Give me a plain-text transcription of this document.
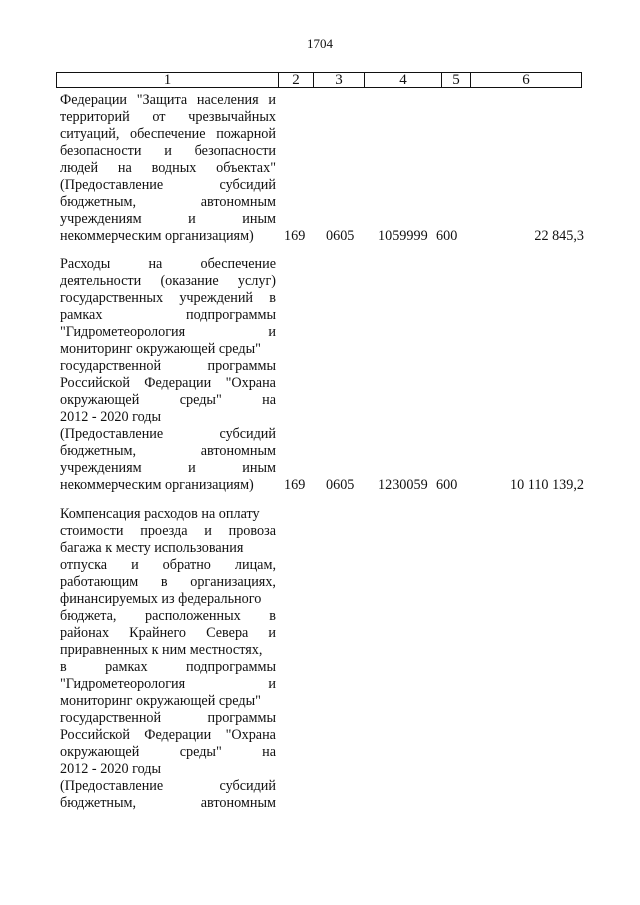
1704
1	2	3	4	5	6
Федерации "Защита населения и
территорий от чрезвычайных
ситуаций, обеспечение пожарной
безопасности и безопасности
людей на водных объектах"
(Предоставление	субсидий
бюджетным,	автономным
учреждениям	и	иным
некоммерческим организациям) 169 0605 1059999 600	22 845,3
Расходы	на	обеспечение
деятельности (оказание услуг)
государственных учреждений в
рамках	подпрограммы
"Гидрометеорология	и
мониторинг окружающей среды"
государственной	программы
Российской Федерации "Охрана
окружающей	среды"	на
2012 - 2020 годы
(Предоставление	субсидий
бюджетным,	автономным
учреждениям	и	иным
некоммерческим организациям) 169 0605 1230059 600	10 110 139,2
Компенсация расходов на оплату
стоимости проезда и провоза
багажа к месту использования
отпуска и обратно лицам,
работающим в организациях,
финансируемых из федерального
бюджета, расположенных в
районах Крайнего Севера и
приравненных к ним местностях,
в	рамках	подпрограммы
"Гидрометеорология	и
мониторинг окружающей среды"
государственной	программы
Российской Федерации "Охрана
окружающей	среды"	на
2012 - 2020 годы
(Предоставление	субсидий
бюджетным,	автономным
